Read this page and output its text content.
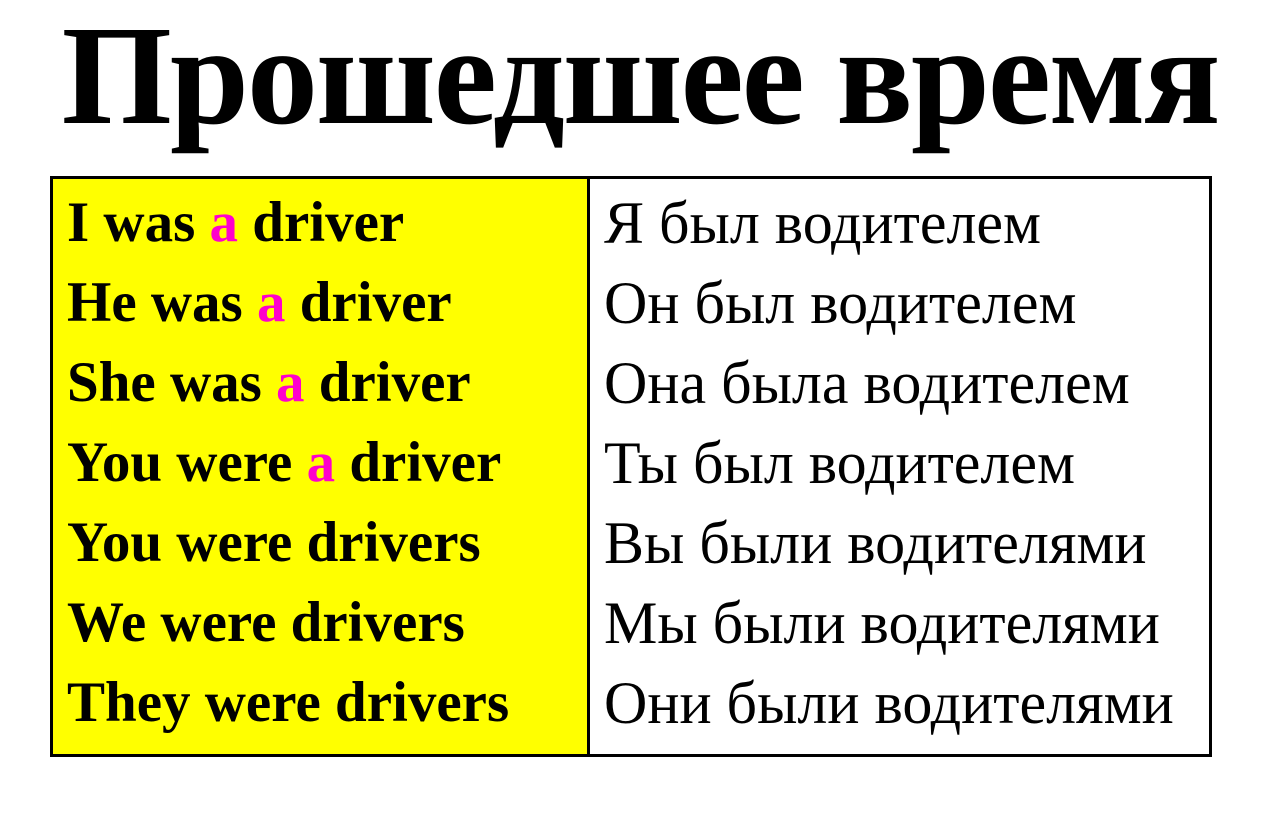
Прошедшее время

I was a driver

He was a driver

She was a driver

You were a driver

You were drivers

We were drivers

They were drivers

Я был водителем

Он был водителем

Она была водителем

Ты был водителем

Вы были водителями

Мы были водителями

Они были водителями
